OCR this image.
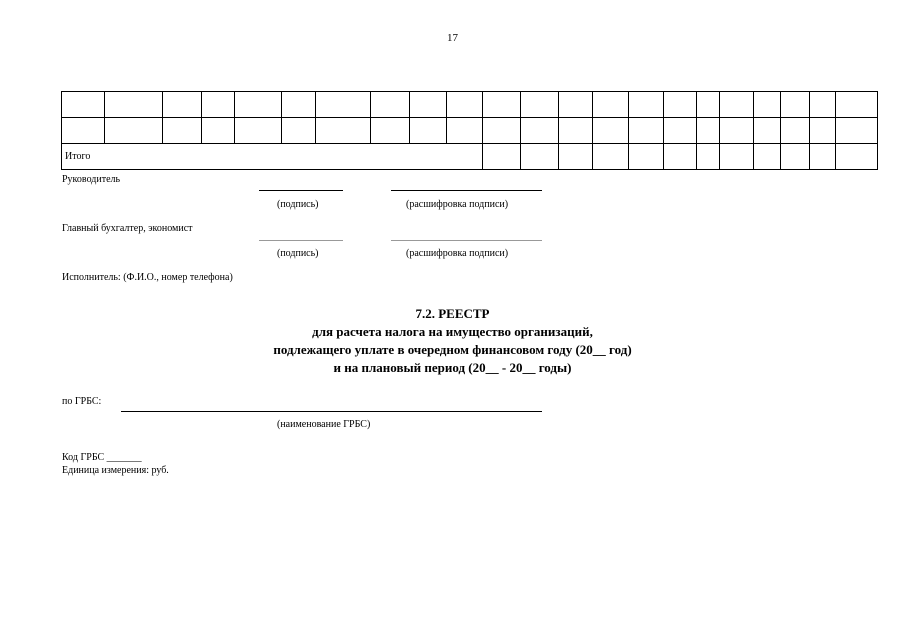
17

Итого																					
Руководитель
(подпись)	(расшифровка подписи)
Главный бухгалтер, экономист
(подпись)	(расшифровка подписи)
Исполнитель: (Ф.И.О., номер телефона)
7.2. РЕЕСТР
для расчета налога на имущество организаций,
подлежащего уплате в очередном финансовом году (20__ год)
и на плановый период (20__ - 20__ годы)
по ГРБС:
(наименование ГРБС)
Код ГРБС _______
Единица измерения: руб.
